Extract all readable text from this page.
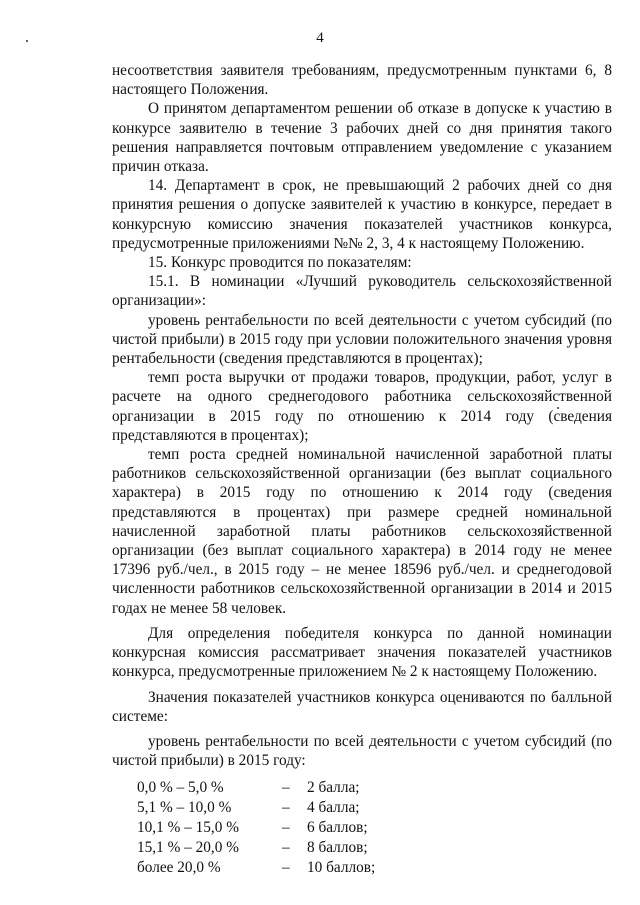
4

несоответствия заявителя требованиям, предусмотренным пунктами 6, 8 настоящего Положения.

О принятом департаментом решении об отказе в допуске к участию в конкурсе заявителю в течение 3 рабочих дней со дня принятия такого решения направляется почтовым отправлением уведомление с указанием причин отказа.

14. Департамент в срок, не превышающий 2 рабочих дней со дня принятия решения о допуске заявителей к участию в конкурсе, передает в конкурсную комиссию значения показателей участников конкурса, предусмотренные приложениями №№ 2, 3, 4 к настоящему Положению.

15. Конкурс проводится по показателям:

15.1. В номинации «Лучший руководитель сельскохозяйственной организации»:

уровень рентабельности по всей деятельности с учетом субсидий (по чистой прибыли) в 2015 году при условии положительного значения уровня рентабельности (сведения представляются в процентах);

темп роста выручки от продажи товаров, продукции, работ, услуг в расчете на одного среднегодового работника сельскохозяйственной организации в 2015 году по отношению к 2014 году (сведения представляются в процентах);

темп роста средней номинальной начисленной заработной платы работников сельскохозяйственной организации (без выплат социального характера) в 2015 году по отношению к 2014 году (сведения представляются в процентах) при размере средней номинальной начисленной заработной платы работников сельскохозяйственной организации (без выплат социального характера) в 2014 году не менее 17396 руб./чел., в 2015 году – не менее 18596 руб./чел. и среднегодовой численности работников сельскохозяйственной организации в 2014 и 2015 годах не менее 58 человек.

Для определения победителя конкурса по данной номинации конкурсная комиссия рассматривает значения показателей участников конкурса, предусмотренные приложением № 2 к настоящему Положению.

Значения показателей участников конкурса оцениваются по балльной системе:

уровень рентабельности по всей деятельности с учетом субсидий (по чистой прибыли) в 2015 году:

0,0 % – 5,0 %	–	2 балла;
5,1 % – 10,0 %	–	4 балла;
10,1 % – 15,0 %	–	6 баллов;
15,1 % – 20,0 %	–	8 баллов;
более 20,0 %	–	10 баллов;
